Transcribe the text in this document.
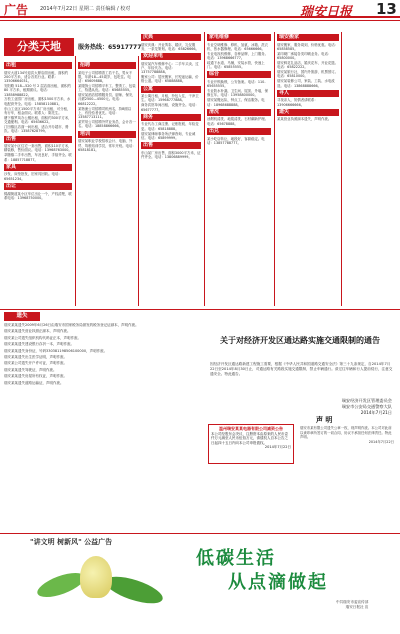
广告 2014年7月22日 星期二 责任编辑 / 校对	瑞安日报 13
分类天地	服务热线：65917777
出租

瑞安大道134号迎宾大厦店面出租，面积约200平方米，适合各类行业。联系：13506664031。

安阳路 518—520 号 2 层店面出租，面积约 80 平方米，租期面议。电话：13858988822。

万松工业园厂房出租，面积1500平方米，水电配套齐全。电话：15858110881。

东山工业区1500平方米厂房出租，可分租，有行车，租金面议。联系人：陈先生。

塘下镇罗凤办公楼出租，面积约300平方米，交通便利。电话：65636622。

汀田镇区店面一间出租，适合开办超市、餐饮。电话：13587628799。

出售

瑞安某小区住宅一套出售，面积110平方米，精装修，售价面议。电话：13968763000。

莘塍镇二手车出售，车况良好，手续齐全。联系：18857718877。

家具

沙发、床垫批发，旧家具回收。电话：65651234。

出让

锦湖街道某小区车位出让一个，产权清楚，联系电话：13968750000。

招聘

某电子公司招聘普工若干名，男女不限，年龄18—45周岁，包吃住。电话：65609888。

某服饰公司招聘平车工、整烫工、包装工，待遇从优。电话：65685555。

瑞安某酒店招聘服务员、厨师、保安，月薪2500—4500元。电话：66812222。

某物流公司招聘司机两名，持B照以上，有经验者优先。电话：13587713111。

某贸易公司招聘外贸业务员、会计各一名。电话：18858866666。

培训

瑞安某职业学校招收会计、电脑、外贸、驾驶培训学员，常年开班。电话：65818181。

庆典

瑞安庆典：开业剪彩、婚庆、礼仪服务，一条龙策划。电话：65826666。

欢迎来电

瑞安某汽车维修中心：二手车买卖、过户、年检代办。电话：13757788888。

搬家公司：居民搬家、长短途运输，价格公道。电话：65888888。

公寓

某公寓日租、月租，拎包入住，干净卫生。电话：15968777888。

商务宾馆单间出租，设施齐全。电话：65677777。

商务

专业代办工商注册、记账报税、年检变更。电话：65818888。

瑞安某律师事务所法律咨询，专业诚信。电话：65899999。

出售

东山某厂房出售，面积3000平方米，证件齐全。电话：13806889999。

家电维修

专业空调维修、移机、加氨，冰箱、洗衣机、热水器修理。电话：65666666。

专业电视机维修，各种品牌，上门服务。电话：13968666777。

疏通下水道、马桶，安装水管，快速上门。电话：65855555。

综合

专业开锁换锁，公安备案。电话：110-65655555。

专业防水补漏，卫生间、屋顶、外墙，保修五年。电话：13958800000。

瑞安某搬运队、钟点工、保洁服务。电话：18968688888。

清洗

油烟机清洗、地毯清洗、石材翻新护理。电话：65678888。

出兑

某小吃店转让，地段好，客源稳定。电话：13857788777。

瑞安搬家

瑞安搬家，服务周到，价格优惠。电话：65858585。

某印刷厂承接各类印刷业务。电话：65800000。

瑞安鲜花礼品店，婚庆花车、开业花篮。电话：65822222。

瑞安某旅行社，国内外旅游、机票预订。电话：65810000。

瑞安某装修公司，家装、工装、水电改造。电话：13868888666。

寻人

寻找亲人，知情者请联系：13906666666。

遗失

某某营业执照副本遗失，声明作废。

遗失

瑞安某某遗失2009年6月26日由瑞安市国家税务局颁发的税务登记证副本，声明作废。

瑞安某某遗失营业执照正副本，声明作废。

瑞安某公司遗失组织机构代码证正本，声明作废。

瑞安某某遗失建设银行存折一本，声明作废。

瑞安某某遗失身份证，号码330381198506100000，声明作废。

瑞安某某遗失出生医学证明，声明作废。

瑞安某公司遗失开户许可证，声明作废。

瑞安某某遗失驾驶证，声明作废。

瑞安某某遗失房屋所有权证，声明作废。

瑞安某某遗失道路运输证，声明作废。

关于对经济开发区通达路实施交通限制的通告
因经济开发区通达路新建工程施工需要，根据《中华人民共和国道路交通安全法》第三十九条规定，自2014年7月22日至2014年8月30日止，对通达路有关路段实施交通限制，禁止车辆通行。请过往车辆和行人提前绕行，注意交通安全。特此通告。
瑞安经济开发区管理委员会
瑞安市公安局交通警察大队
2014年7月21日
温州瑞安某某电器有限公司减资公告
本公司经股东会决议，注册资本由原来的人民币壹仟万元减至人民币伍佰万元，请债权人自本公告之日起四十五日内向本公司申报债权。
2014年7月22日
声 明
瑞安市某有限公司遗失公章一枚，现声明作废。本公司对此前以该印章所签订的一切合同、协议不承担任何法律责任。特此声明。
2014年7月22日
"讲文明 树新风" 公益广告
低碳生活
从点滴做起
中共瑞安市委宣传部
瑞安日报社 宣
